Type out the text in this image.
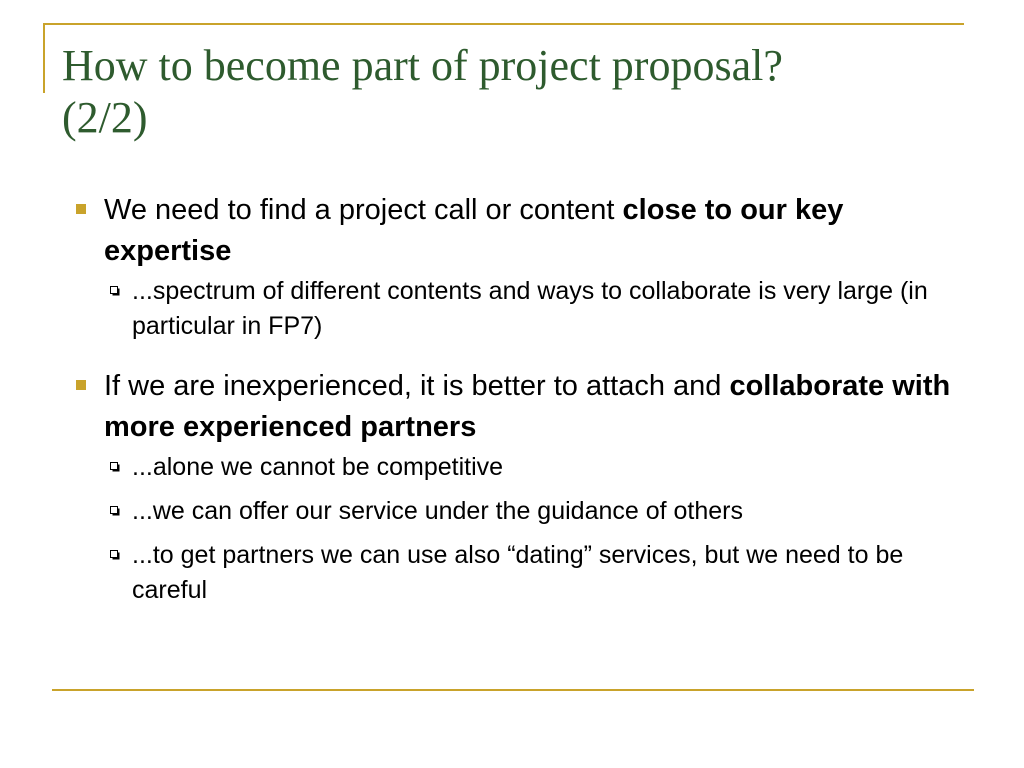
How to become part of project proposal?
(2/2)
We need to find a project call or content close to our key expertise
...spectrum of different contents and ways to collaborate is very large (in particular in FP7)
If we are inexperienced, it is better to attach and collaborate with more experienced partners
...alone we cannot be competitive
...we can offer our service under the guidance of others
...to get partners we can use also “dating” services, but we need to be careful
